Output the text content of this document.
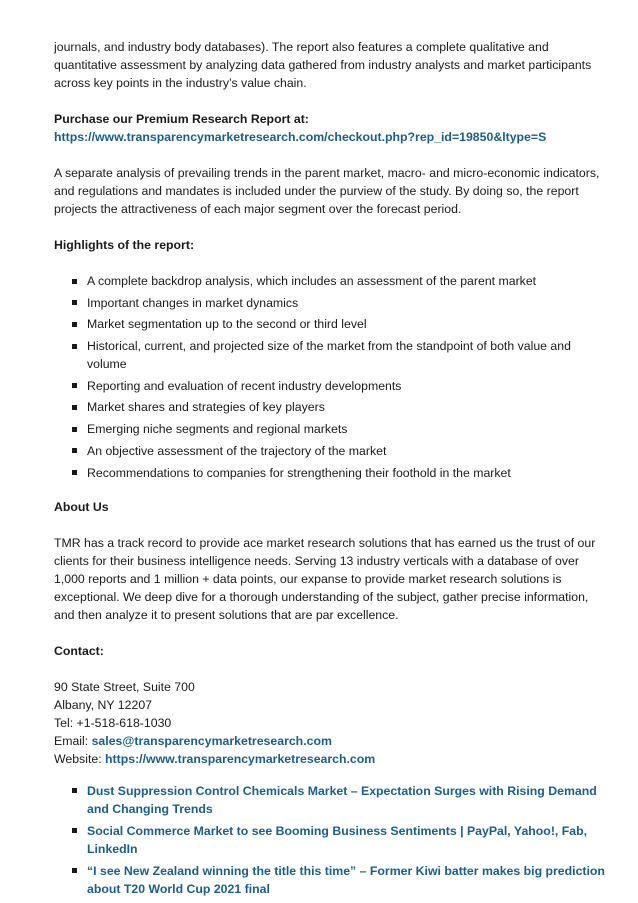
journals, and industry body databases). The report also features a complete qualitative and quantitative assessment by analyzing data gathered from industry analysts and market participants across key points in the industry’s value chain.

Purchase our Premium Research Report at:

https://www.transparencymarketresearch.com/checkout.php?rep_id=19850&ltype=S

A separate analysis of prevailing trends in the parent market, macro- and micro-economic indicators, and regulations and mandates is included under the purview of the study. By doing so, the report projects the attractiveness of each major segment over the forecast period.

Highlights of the report:

A complete backdrop analysis, which includes an assessment of the parent market
Important changes in market dynamics
Market segmentation up to the second or third level
Historical, current, and projected size of the market from the standpoint of both value and volume
Reporting and evaluation of recent industry developments
Market shares and strategies of key players
Emerging niche segments and regional markets
An objective assessment of the trajectory of the market
Recommendations to companies for strengthening their foothold in the market

About Us

TMR has a track record to provide ace market research solutions that has earned us the trust of our clients for their business intelligence needs. Serving 13 industry verticals with a database of over 1,000 reports and 1 million + data points, our expanse to provide market research solutions is exceptional. We deep dive for a thorough understanding of the subject, gather precise information, and then analyze it to present solutions that are par excellence.

Contact:

90 State Street, Suite 700

Albany, NY 12207

Tel: +1-518-618-1030

Email: sales@transparencymarketresearch.com

Website: https://www.transparencymarketresearch.com

Dust Suppression Control Chemicals Market – Expectation Surges with Rising Demand and Changing Trends
Social Commerce Market to see Booming Business Sentiments | PayPal, Yahoo!, Fab, LinkedIn
“I see New Zealand winning the title this time” – Former Kiwi batter makes big prediction about T20 World Cup 2021 final
